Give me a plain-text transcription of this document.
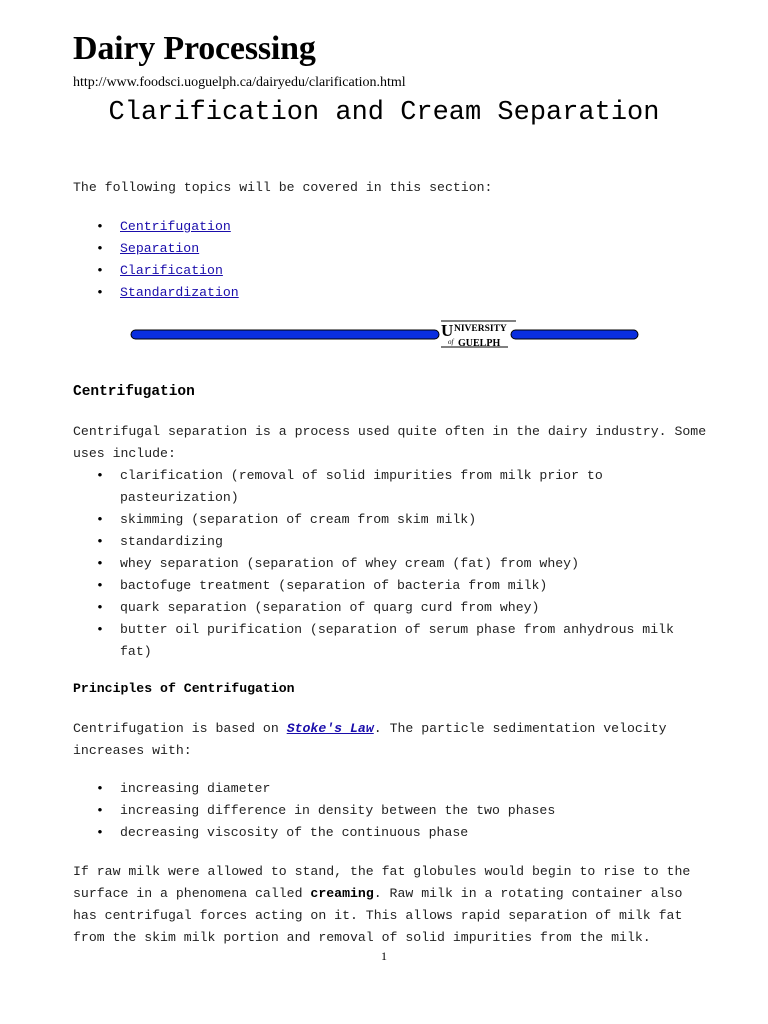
Dairy Processing
http://www.foodsci.uoguelph.ca/dairyedu/clarification.html
Clarification and Cream Separation
The following topics will be covered in this section:
• Centrifugation
• Separation
• Clarification
• Standardization
U NIVERSITY
of GUELPH
Centrifugation
Centrifugal separation is a process used quite often in the dairy industry. Some
uses include:
• clarification (removal of solid impurities from milk prior to
pasteurization)
• skimming (separation of cream from skim milk)
• standardizing
• whey separation (separation of whey cream (fat) from whey)
• bactofuge treatment (separation of bacteria from milk)
• quark separation (separation of quarg curd from whey)
• butter oil purification (separation of serum phase from anhydrous milk
fat)
Principles of Centrifugation
Centrifugation is based on Stoke's Law. The particle sedimentation velocity
increases with:
• increasing diameter
• increasing difference in density between the two phases
• decreasing viscosity of the continuous phase
If raw milk were allowed to stand, the fat globules would begin to rise to the
surface in a phenomena called creaming. Raw milk in a rotating container also
has centrifugal forces acting on it. This allows rapid separation of milk fat
from the skim milk portion and removal of solid impurities from the milk.
1
